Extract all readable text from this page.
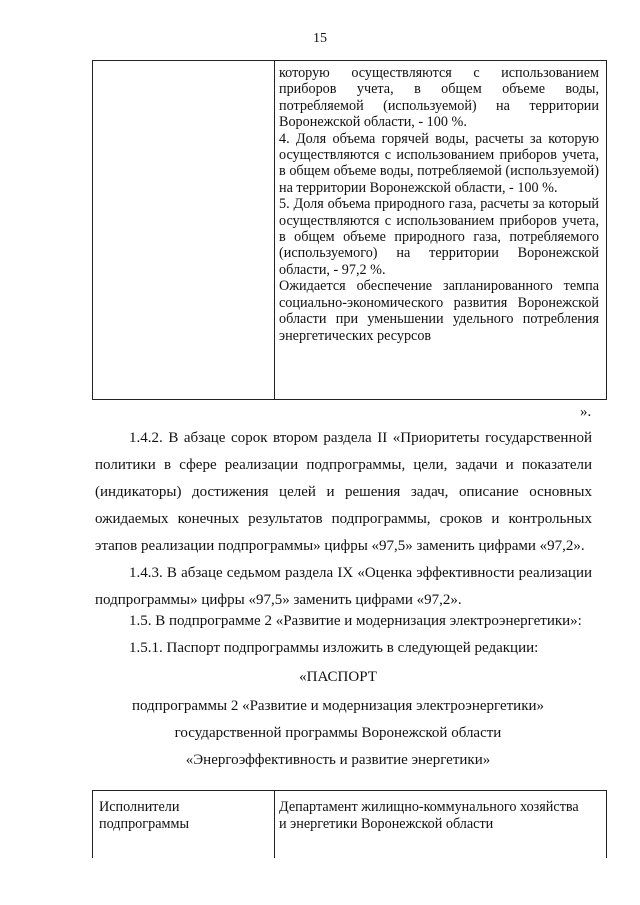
15

которую осуществляются с использованием приборов учета, в общем объеме воды, потребляемой (используемой) на территории Воронежской области, - 100 %.

4. Доля объема горячей воды, расчеты за которую осуществляются с использованием приборов учета, в общем объеме воды, потребляемой (используемой) на территории Воронежской области, - 100 %.

5. Доля объема природного газа, расчеты за который осуществляются с использованием приборов учета, в общем объеме природного газа, потребляемого (используемого) на территории Воронежской области, - 97,2 %.

Ожидается обеспечение запланированного темпа социально-экономического развития Воронежской области при уменьшении удельного потребления энергетических ресурсов

».

1.4.2. В абзаце сорок втором раздела II «Приоритеты государственной политики в сфере реализации подпрограммы, цели, задачи и показатели (индикаторы) достижения целей и решения задач, описание основных ожидаемых конечных результатов подпрограммы, сроков и контрольных этапов реализации подпрограммы» цифры «97,5» заменить цифрами «97,2».

1.4.3. В абзаце седьмом раздела IX «Оценка эффективности реализации подпрограммы» цифры «97,5» заменить цифрами «97,2».

1.5. В подпрограмме 2 «Развитие и модернизация электроэнергетики»:

1.5.1. Паспорт подпрограммы изложить в следующей редакции:

«ПАСПОРТ
подпрограммы 2 «Развитие и модернизация электроэнергетики»
государственной программы Воронежской области
«Энергоэффективность и развитие энергетики»
Исполнители
подпрограммы
Департамент жилищно-коммунального хозяйства
и энергетики Воронежской области
